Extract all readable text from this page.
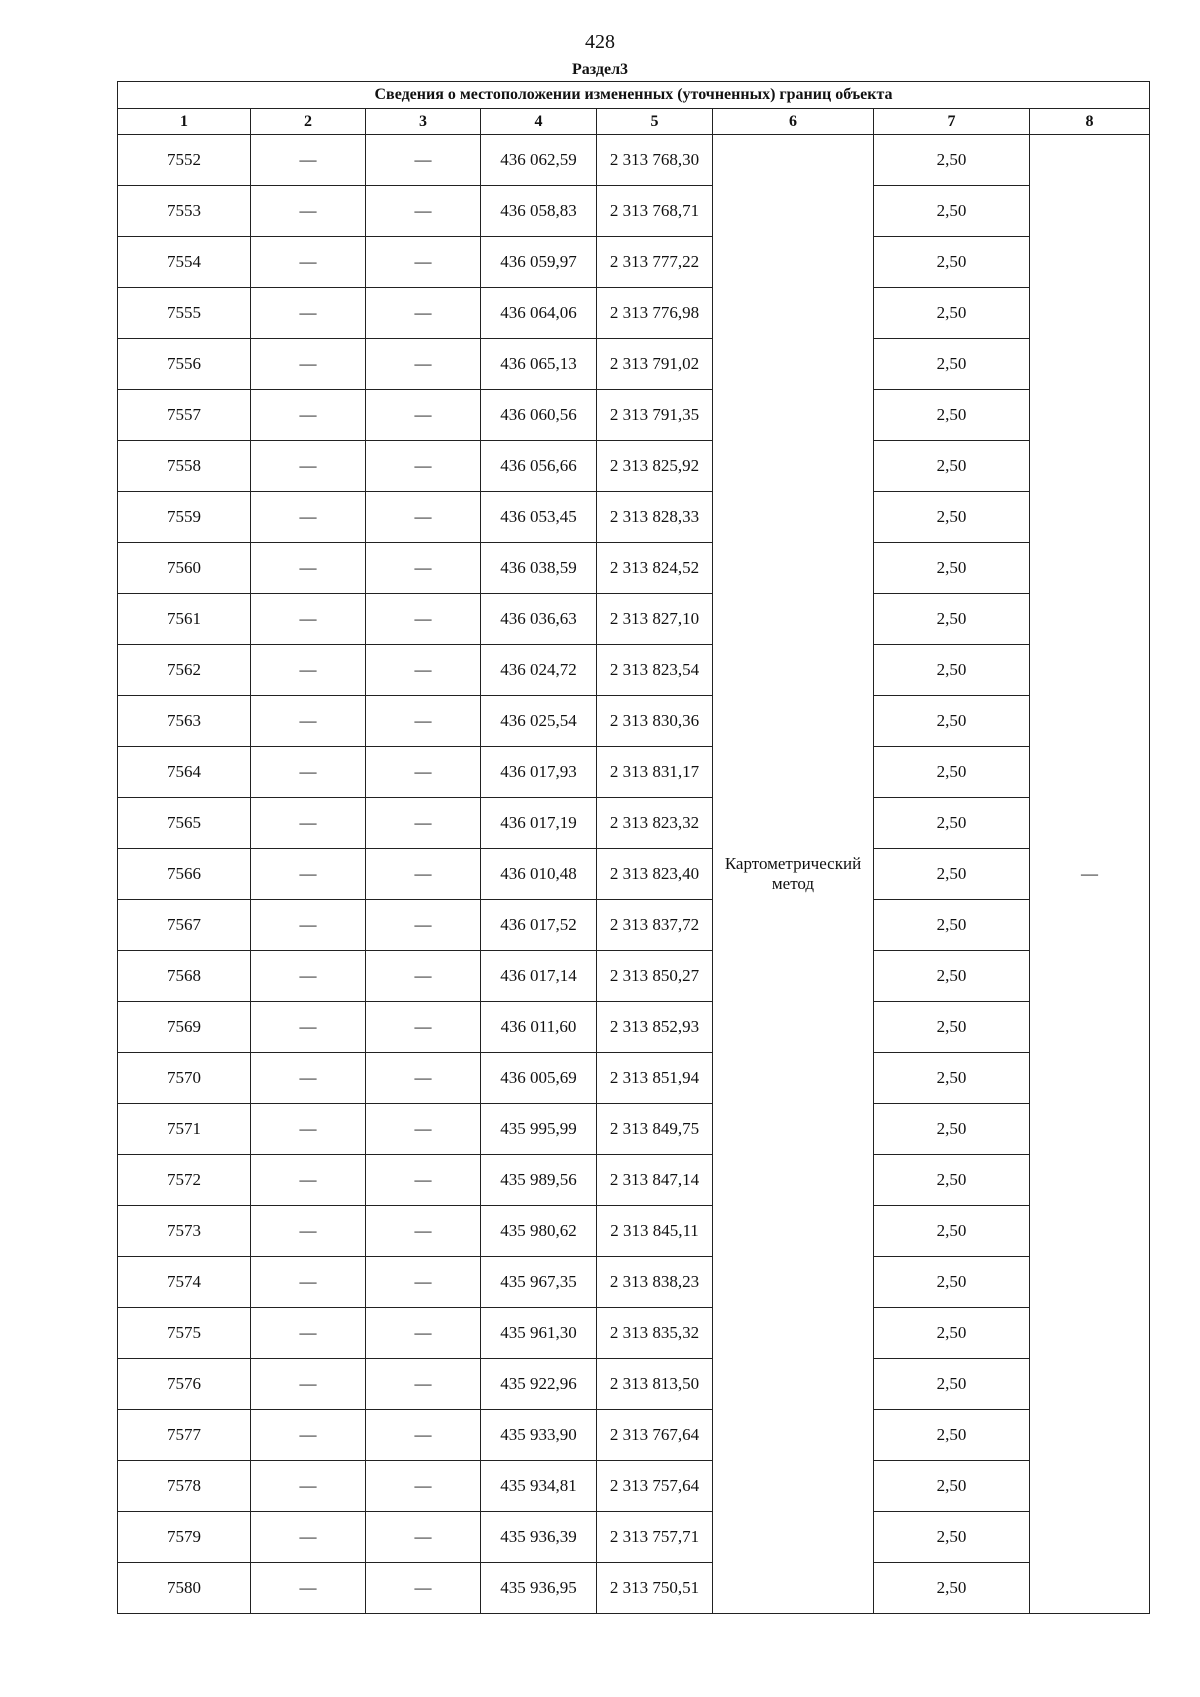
428
Раздел3
Сведения о местоположении измененных (уточненных) границ объекта							
1	2	3	4	5	6	7	8
7552	—	—	436 062,59	2 313 768,30	Картометрический метод	2,50	—
7553	—	—	436 058,83	2 313 768,71		2,50	
7554	—	—	436 059,97	2 313 777,22		2,50	
7555	—	—	436 064,06	2 313 776,98		2,50	
7556	—	—	436 065,13	2 313 791,02		2,50	
7557	—	—	436 060,56	2 313 791,35		2,50	
7558	—	—	436 056,66	2 313 825,92		2,50	
7559	—	—	436 053,45	2 313 828,33		2,50	
7560	—	—	436 038,59	2 313 824,52		2,50	
7561	—	—	436 036,63	2 313 827,10		2,50	
7562	—	—	436 024,72	2 313 823,54		2,50	
7563	—	—	436 025,54	2 313 830,36		2,50	
7564	—	—	436 017,93	2 313 831,17		2,50	
7565	—	—	436 017,19	2 313 823,32		2,50	
7566	—	—	436 010,48	2 313 823,40		2,50	
7567	—	—	436 017,52	2 313 837,72		2,50	
7568	—	—	436 017,14	2 313 850,27		2,50	
7569	—	—	436 011,60	2 313 852,93		2,50	
7570	—	—	436 005,69	2 313 851,94		2,50	
7571	—	—	435 995,99	2 313 849,75		2,50	
7572	—	—	435 989,56	2 313 847,14		2,50	
7573	—	—	435 980,62	2 313 845,11		2,50	
7574	—	—	435 967,35	2 313 838,23		2,50	
7575	—	—	435 961,30	2 313 835,32		2,50	
7576	—	—	435 922,96	2 313 813,50		2,50	
7577	—	—	435 933,90	2 313 767,64		2,50	
7578	—	—	435 934,81	2 313 757,64		2,50	
7579	—	—	435 936,39	2 313 757,71		2,50	
7580	—	—	435 936,95	2 313 750,51		2,50	
